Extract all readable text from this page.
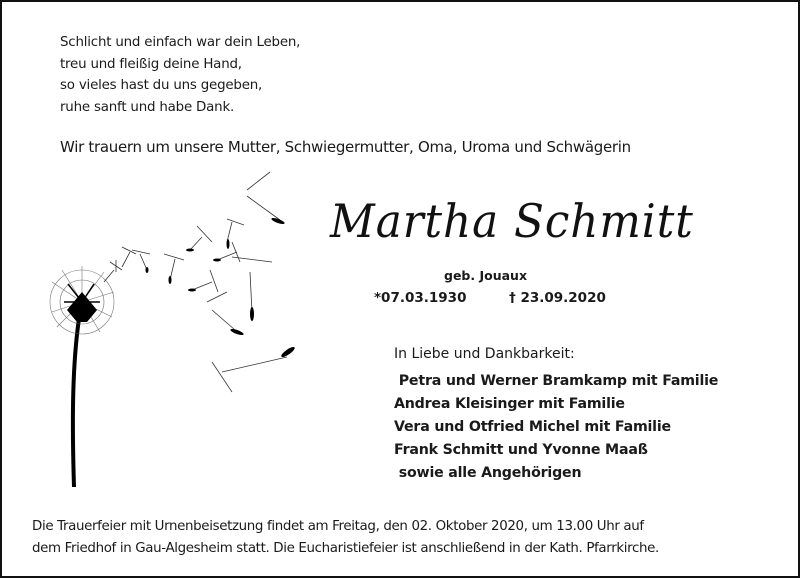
Schlicht und einfach war dein Leben,
treu und fleißig deine Hand,
so vieles hast du uns gegeben,
ruhe sanft und habe Dank.
Wir trauern um unsere Mutter, Schwiegermutter, Oma, Uroma und Schwägerin
Martha Schmitt
geb. Jouaux
*07.03.1930	† 23.09.2020
In Liebe und Dankbarkeit:
Petra und Werner Bramkamp mit Familie
Andrea Kleisinger mit Familie
Vera und Otfried Michel mit Familie
Frank Schmitt und Yvonne Maaß
sowie alle Angehörigen
Die Trauerfeier mit Urnenbeisetzung findet am Freitag, den 02. Oktober 2020, um 13.00 Uhr auf
dem Friedhof in Gau-Algesheim statt. Die Eucharistiefeier ist anschließend in der Kath. Pfarrkirche.
